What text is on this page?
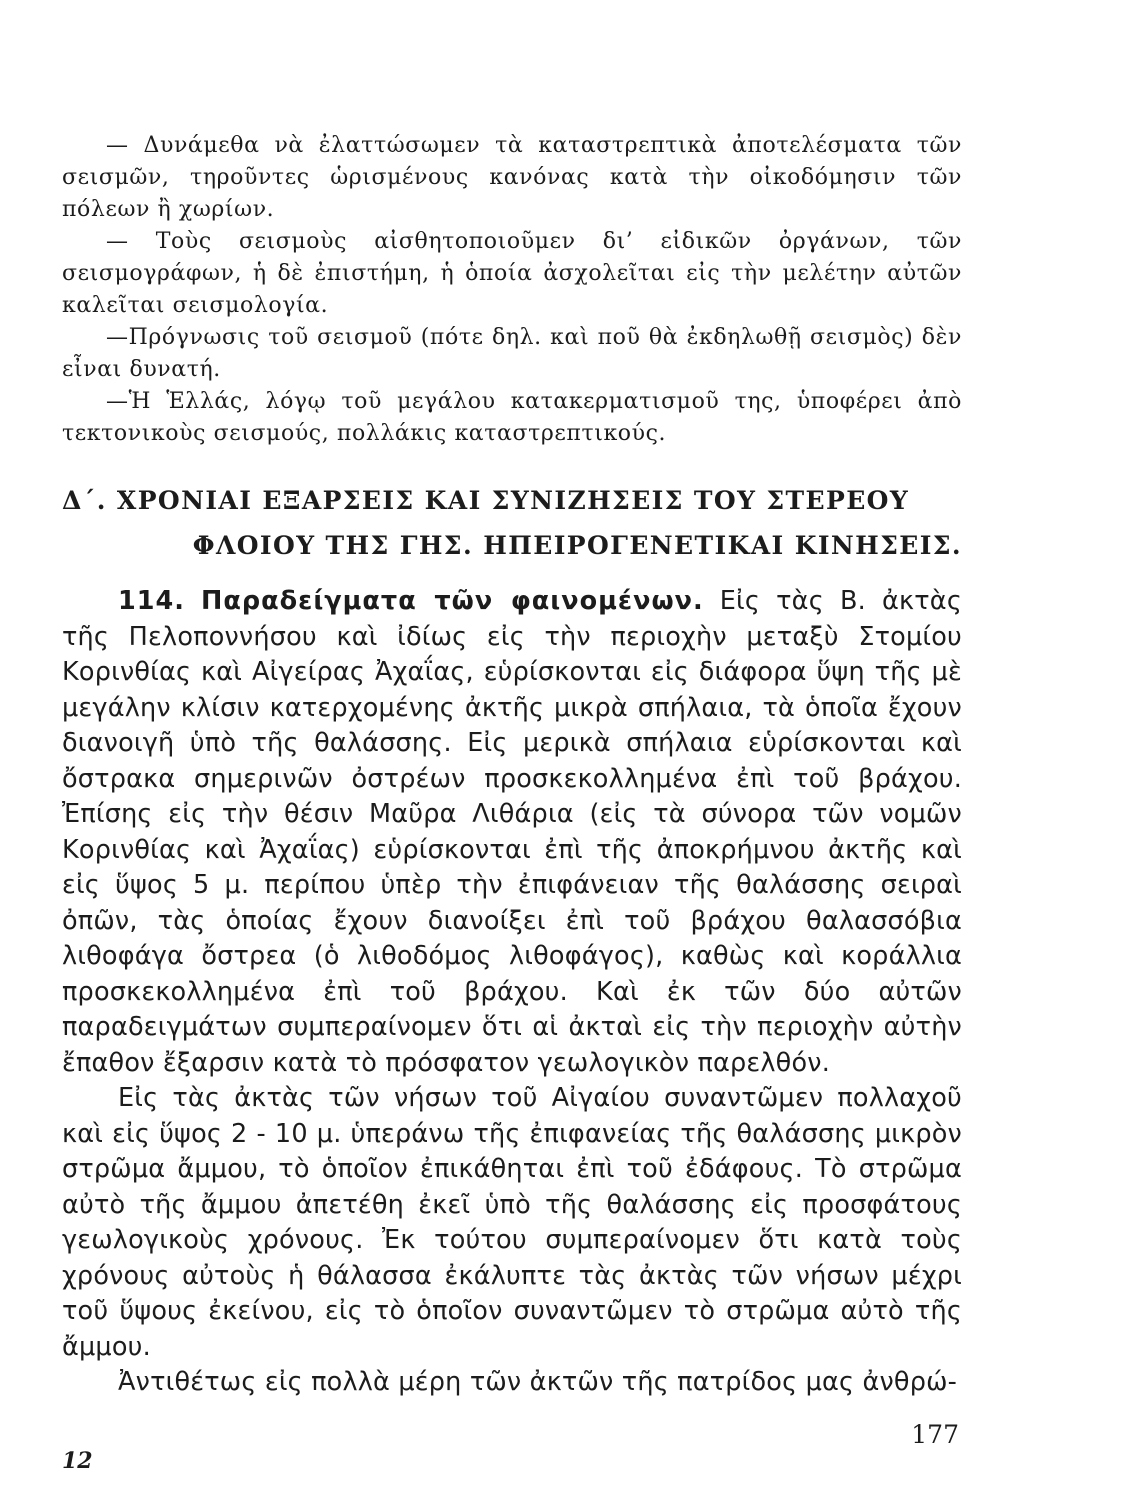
— Δυνάμεθα νὰ ἐλαττώσωμεν τὰ καταστρεπτικὰ ἀποτελέσματα τῶν σεισμῶν, τηροῦντες ὡρισμένους κανόνας κατὰ τὴν οἰκοδόμησιν τῶν πόλεων ἢ χωρίων.

— Τοὺς σεισμοὺς αἰσθητοποιοῦμεν δι’ εἰδικῶν ὀργάνων, τῶν σεισμογράφων, ἡ δὲ ἐπιστήμη, ἡ ὁποία ἀσχολεῖται εἰς τὴν μελέτην αὐτῶν καλεῖται σεισμολογία.

—Πρόγνωσις τοῦ σεισμοῦ (πότε δηλ. καὶ ποῦ θὰ ἐκδηλωθῇ σεισμὸς) δὲν εἶναι δυνατή.

—Ἡ Ἑλλάς, λόγῳ τοῦ μεγάλου κατακερματισμοῦ της, ὑποφέρει ἀπὸ τεκτονικοὺς σεισμούς, πολλάκις καταστρεπτικούς.

Δ΄. ΧΡΟΝΙΑΙ ΕΞΑΡΣΕΙΣ ΚΑΙ ΣΥΝΙΖΗΣΕΙΣ ΤΟΥ ΣΤΕΡΕΟΥ
ΦΛΟΙΟΥ ΤΗΣ ΓΗΣ. ΗΠΕΙΡΟΓΕΝΕΤΙΚΑΙ ΚΙΝΗΣΕΙΣ.

114. Παραδείγματα τῶν φαινομένων. Εἰς τὰς Β. ἀκτὰς τῆς Πελοποννήσου καὶ ἰδίως εἰς τὴν περιοχὴν μεταξὺ Στομίου Κορινθίας καὶ Αἰγείρας Ἀχαΐας, εὑρίσκονται εἰς διάφορα ὕψη τῆς μὲ μεγάλην κλίσιν κατερχομένης ἀκτῆς μικρὰ σπήλαια, τὰ ὁποῖα ἔχουν διανοιγῆ ὑπὸ τῆς θαλάσσης. Εἰς μερικὰ σπήλαια εὑρίσκονται καὶ ὄστρακα σημερινῶν ὀστρέων προσκεκολλημένα ἐπὶ τοῦ βράχου. Ἐπίσης εἰς τὴν θέσιν Μαῦρα Λιθάρια (εἰς τὰ σύνορα τῶν νομῶν Κορινθίας καὶ Ἀχαΐας) εὑρίσκονται ἐπὶ τῆς ἀποκρήμνου ἀκτῆς καὶ εἰς ὕψος 5 μ. περίπου ὑπὲρ τὴν ἐπιφάνειαν τῆς θαλάσσης σειραὶ ὀπῶν, τὰς ὁποίας ἔχουν διανοίξει ἐπὶ τοῦ βράχου θαλασσόβια λιθοφάγα ὄστρεα (ὁ λιθοδόμος λιθοφάγος), καθὼς καὶ κοράλλια προσκεκολλημένα ἐπὶ τοῦ βράχου. Καὶ ἐκ τῶν δύο αὐτῶν παραδειγμάτων συμπεραίνομεν ὅτι αἱ ἀκταὶ εἰς τὴν περιοχὴν αὐτὴν ἔπαθον ἔξαρσιν κατὰ τὸ πρόσφατον γεωλογικὸν παρελθόν.

Εἰς τὰς ἀκτὰς τῶν νήσων τοῦ Αἰγαίου συναντῶμεν πολλαχοῦ καὶ εἰς ὕψος 2 - 10 μ. ὑπεράνω τῆς ἐπιφανείας τῆς θαλάσσης μικρὸν στρῶμα ἄμμου, τὸ ὁποῖον ἐπικάθηται ἐπὶ τοῦ ἐδάφους. Τὸ στρῶμα αὐτὸ τῆς ἄμμου ἀπετέθη ἐκεῖ ὑπὸ τῆς θαλάσσης εἰς προσφάτους γεωλογικοὺς χρόνους. Ἐκ τούτου συμπεραίνομεν ὅτι κατὰ τοὺς χρόνους αὐτοὺς ἡ θάλασσα ἐκάλυπτε τὰς ἀκτὰς τῶν νήσων μέχρι τοῦ ὕψους ἐκείνου, εἰς τὸ ὁποῖον συναντῶμεν τὸ στρῶμα αὐτὸ τῆς ἄμμου.

Ἀντιθέτως εἰς πολλὰ μέρη τῶν ἀκτῶν τῆς πατρίδος μας ἀνθρώ-

177
12
